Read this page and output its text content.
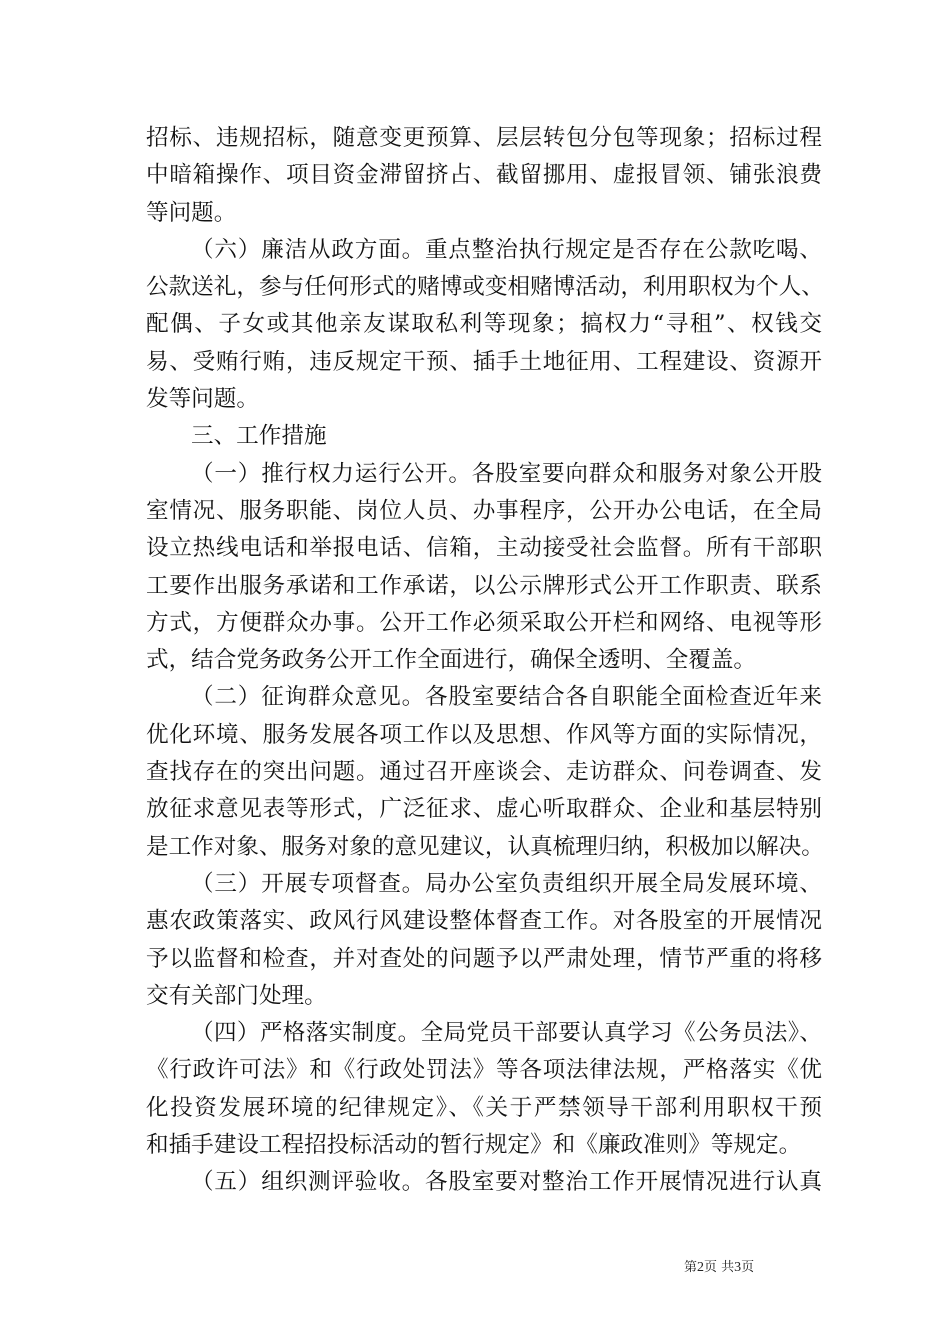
招标、违规招标，随意变更预算、层层转包分包等现象；招标过程
中暗箱操作、项目资金滞留挤占、截留挪用、虚报冒领、铺张浪费
等问题。
（六）廉洁从政方面。重点整治执行规定是否存在公款吃喝、
公款送礼，参与任何形式的赌博或变相赌博活动，利用职权为个人、
配偶、子女或其他亲友谋取私利等现象；搞权力“寻租”、权钱交
易、受贿行贿，违反规定干预、插手土地征用、工程建设、资源开
发等问题。
三、工作措施
（一）推行权力运行公开。各股室要向群众和服务对象公开股
室情况、服务职能、岗位人员、办事程序，公开办公电话，在全局
设立热线电话和举报电话、信箱，主动接受社会监督。所有干部职
工要作出服务承诺和工作承诺，以公示牌形式公开工作职责、联系
方式，方便群众办事。公开工作必须采取公开栏和网络、电视等形
式，结合党务政务公开工作全面进行，确保全透明、全覆盖。
（二）征询群众意见。各股室要结合各自职能全面检查近年来
优化环境、服务发展各项工作以及思想、作风等方面的实际情况，
查找存在的突出问题。通过召开座谈会、走访群众、问卷调查、发
放征求意见表等形式，广泛征求、虚心听取群众、企业和基层特别
是工作对象、服务对象的意见建议，认真梳理归纳，积极加以解决。
（三）开展专项督查。局办公室负责组织开展全局发展环境、
惠农政策落实、政风行风建设整体督查工作。对各股室的开展情况
予以监督和检查，并对查处的问题予以严肃处理，情节严重的将移
交有关部门处理。
（四）严格落实制度。全局党员干部要认真学习《公务员法》、
《行政许可法》和《行政处罚法》等各项法律法规，严格落实《优
化投资发展环境的纪律规定》、《关于严禁领导干部利用职权干预
和插手建设工程招投标活动的暂行规定》和《廉政准则》等规定。
（五）组织测评验收。各股室要对整治工作开展情况进行认真
第2页 共3页
